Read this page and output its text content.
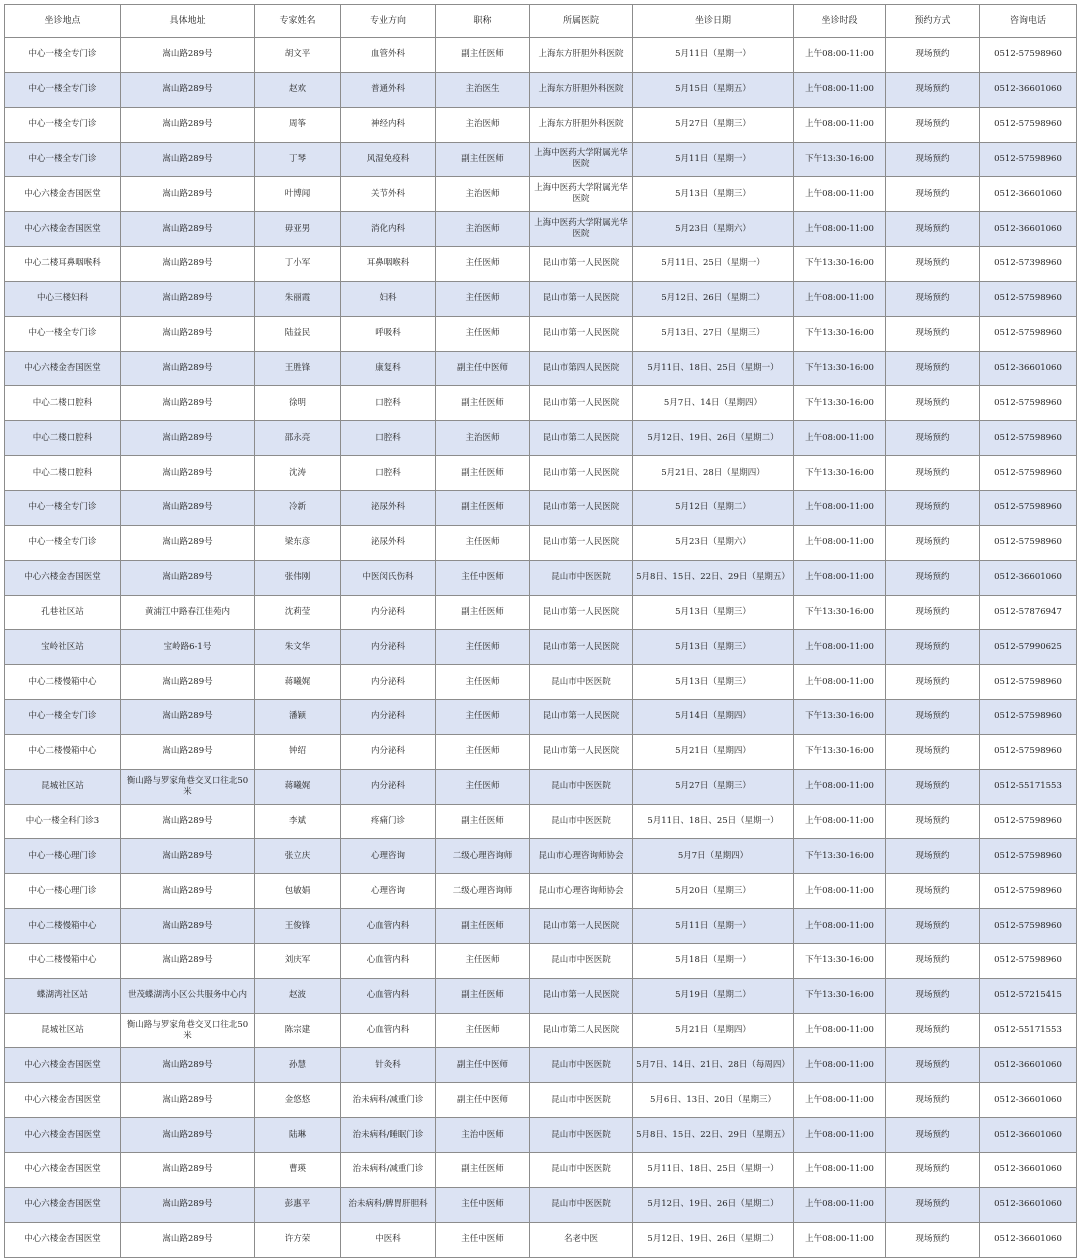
坐诊地点	具体地址	专家姓名	专业方向	职称	所属医院	坐诊日期	坐诊时段	预约方式	咨询电话
中心一楼全专门诊	嵩山路289号	胡文平	血管外科	副主任医师	上海东方肝胆外科医院	5月11日（星期一）	上午08:00-11:00	现场预约	0512-57598960
中心一楼全专门诊	嵩山路289号	赵欢	普通外科	主治医生	上海东方肝胆外科医院	5月15日（星期五）	上午08:00-11:00	现场预约	0512-36601060
中心一楼全专门诊	嵩山路289号	周筝	神经内科	主治医师	上海东方肝胆外科医院	5月27日（星期三）	上午08:00-11:00	现场预约	0512-57598960
中心一楼全专门诊	嵩山路289号	丁琴	风湿免疫科	副主任医师	上海中医药大学附属光华医院	5月11日（星期一）	下午13:30-16:00	现场预约	0512-57598960
中心六楼金杏国医堂	嵩山路289号	叶博闻	关节外科	主治医师	上海中医药大学附属光华医院	5月13日（星期三）	上午08:00-11:00	现场预约	0512-36601060
中心六楼金杏国医堂	嵩山路289号	毋亚男	消化内科	主治医师	上海中医药大学附属光华医院	5月23日（星期六）	上午08:00-11:00	现场预约	0512-36601060
中心二楼耳鼻咽喉科	嵩山路289号	丁小军	耳鼻咽喉科	主任医师	昆山市第一人民医院	5月11日、25日（星期一）	下午13:30-16:00	现场预约	0512-57398960
中心三楼妇科	嵩山路289号	朱丽霞	妇科	主任医师	昆山市第一人民医院	5月12日、26日（星期二）	上午08:00-11:00	现场预约	0512-57598960
中心一楼全专门诊	嵩山路289号	陆益民	呼吸科	主任医师	昆山市第一人民医院	5月13日、27日（星期三）	下午13:30-16:00	现场预约	0512-57598960
中心六楼金杏国医堂	嵩山路289号	王胜锋	康复科	副主任中医师	昆山市第四人民医院	5月11日、18日、25日（星期一）	下午13:30-16:00	现场预约	0512-36601060
中心二楼口腔科	嵩山路289号	徐明	口腔科	副主任医师	昆山市第一人民医院	5月7日、14日（星期四）	下午13:30-16:00	现场预约	0512-57598960
中心二楼口腔科	嵩山路289号	邵永亮	口腔科	主治医师	昆山市第二人民医院	5月12日、19日、26日（星期二）	上午08:00-11:00	现场预约	0512-57598960
中心二楼口腔科	嵩山路289号	沈涛	口腔科	副主任医师	昆山市第一人民医院	5月21日、28日（星期四）	下午13:30-16:00	现场预约	0512-57598960
中心一楼全专门诊	嵩山路289号	冷新	泌尿外科	副主任医师	昆山市第一人民医院	5月12日（星期二）	上午08:00-11:00	现场预约	0512-57598960
中心一楼全专门诊	嵩山路289号	梁东彦	泌尿外科	主任医师	昆山市第一人民医院	5月23日（星期六）	上午08:00-11:00	现场预约	0512-57598960
中心六楼金杏国医堂	嵩山路289号	张伟刚	中医闵氏伤科	主任中医师	昆山市中医医院	5月8日、15日、22日、29日（星期五）	上午08:00-11:00	现场预约	0512-36601060
孔巷社区站	黄浦江中路春江佳苑内	沈莉莹	内分泌科	副主任医师	昆山市第一人民医院	5月13日（星期三）	下午13:30-16:00	现场预约	0512-57876947
宝岭社区站	宝岭路6-1号	朱文华	内分泌科	主任医师	昆山市第一人民医院	5月13日（星期三）	上午08:00-11:00	现场预约	0512-57990625
中心二楼慢箱中心	嵩山路289号	蒋曦娓	内分泌科	主任医师	昆山市中医医院	5月13日（星期三）	上午08:00-11:00	现场预约	0512-57598960
中心一楼全专门诊	嵩山路289号	潘颖	内分泌科	主任医师	昆山市第一人民医院	5月14日（星期四）	下午13:30-16:00	现场预约	0512-57598960
中心二楼慢箱中心	嵩山路289号	钟绍	内分泌科	主任医师	昆山市第一人民医院	5月21日（星期四）	下午13:30-16:00	现场预约	0512-57598960
昆城社区站	衡山路与罗家角巷交叉口往北50米	蒋曦娓	内分泌科	主任医师	昆山市中医医院	5月27日（星期三）	上午08:00-11:00	现场预约	0512-55171553
中心一楼全科门诊3	嵩山路289号	李斌	疼痛门诊	副主任医师	昆山市中医医院	5月11日、18日、25日（星期一）	上午08:00-11:00	现场预约	0512-57598960
中心一楼心理门诊	嵩山路289号	张立庆	心理咨询	二级心理咨询师	昆山市心理咨询师协会	5月7日（星期四）	下午13:30-16:00	现场预约	0512-57598960
中心一楼心理门诊	嵩山路289号	包敏娟	心理咨询	二级心理咨询师	昆山市心理咨询师协会	5月20日（星期三）	上午08:00-11:00	现场预约	0512-57598960
中心二楼慢箱中心	嵩山路289号	王俊锋	心血管内科	副主任医师	昆山市第一人民医院	5月11日（星期一）	上午08:00-11:00	现场预约	0512-57598960
中心二楼慢箱中心	嵩山路289号	刘庆军	心血管内科	主任医师	昆山市中医医院	5月18日（星期一）	下午13:30-16:00	现场预约	0512-57598960
蝶湖湾社区站	世茂蝶湖湾小区公共服务中心内	赵波	心血管内科	副主任医师	昆山市第一人民医院	5月19日（星期二）	下午13:30-16:00	现场预约	0512-57215415
昆城社区站	衡山路与罗家角巷交叉口往北50米	陈宗建	心血管内科	主任医师	昆山市第二人民医院	5月21日（星期四）	上午08:00-11:00	现场预约	0512-55171553
中心六楼金杏国医堂	嵩山路289号	孙慧	针灸科	副主任中医师	昆山市中医医院	5月7日、14日、21日、28日（每周四）	上午08:00-11:00	现场预约	0512-36601060
中心六楼金杏国医堂	嵩山路289号	金悠悠	治未病科/减重门诊	副主任中医师	昆山市中医医院	5月6日、13日、20日（星期三）	上午08:00-11:00	现场预约	0512-36601060
中心六楼金杏国医堂	嵩山路289号	陆琳	治未病科/睡眠门诊	主治中医师	昆山市中医医院	5月8日、15日、22日、29日（星期五）	上午08:00-11:00	现场预约	0512-36601060
中心六楼金杏国医堂	嵩山路289号	曹瑛	治未病科/减重门诊	副主任医师	昆山市中医医院	5月11日、18日、25日（星期一）	上午08:00-11:00	现场预约	0512-36601060
中心六楼金杏国医堂	嵩山路289号	彭惠平	治未病科/脾胃肝胆科	主任中医师	昆山市中医医院	5月12日、19日、26日（星期二）	上午08:00-11:00	现场预约	0512-36601060
中心六楼金杏国医堂	嵩山路289号	许方荣	中医科	主任中医师	名老中医	5月12日、19日、26日（星期二）	上午08:00-11:00	现场预约	0512-36601060
